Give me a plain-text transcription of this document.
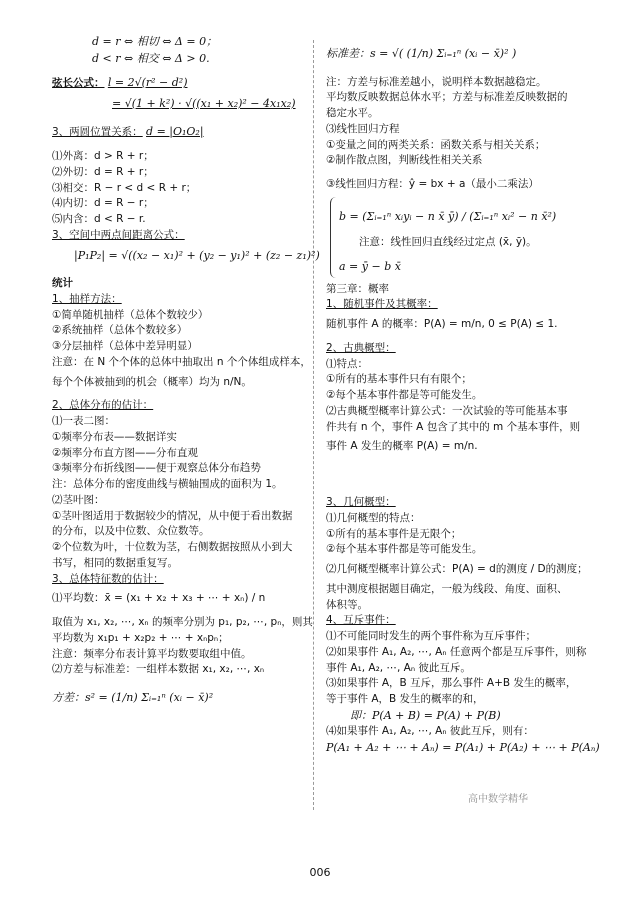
d = r ⇔ 相切 ⇔ Δ = 0；
d < r ⇔ 相交 ⇔ Δ > 0.
弦长公式： l = 2√(r² − d²)
= √(1 + k²) · √((x₁ + x₂)² − 4x₁x₂)
3、两圆位置关系： d = |O₁O₂|
⑴外离：d > R + r；
⑵外切：d = R + r；
⑶相交：R − r < d < R + r；
⑷内切：d = R − r；
⑸内含：d < R − r.
3、空间中两点间距离公式：
|P₁P₂| = √((x₂ − x₁)² + (y₂ − y₁)² + (z₂ − z₁)²)
统计
1、抽样方法：
①简单随机抽样（总体个数较少）
②系统抽样（总体个数较多）
③分层抽样（总体中差异明显）
注意：在 N 个个体的总体中抽取出 n 个个体组成样本，
每个个体被抽到的机会（概率）均为 n/N。
2、总体分布的估计：
⑴一表二图：
①频率分布表——数据详实
②频率分布直方图——分布直观
③频率分布折线图——便于观察总体分布趋势
注：总体分布的密度曲线与横轴围成的面积为 1。
⑵茎叶图：
①茎叶图适用于数据较少的情况，从中便于看出数据
的分布，以及中位数、众位数等。
②个位数为叶，十位数为茎，右侧数据按照从小到大
书写，相同的数据重复写。
3、总体特征数的估计：
⑴平均数：x̄ = (x₁ + x₂ + x₃ + ⋯ + xₙ) / n
取值为 x₁, x₂, ⋯, xₙ 的频率分别为 p₁, p₂, ⋯, pₙ，则其
平均数为 x₁p₁ + x₂p₂ + ⋯ + xₙpₙ；
注意：频率分布表计算平均数要取组中值。
⑵方差与标准差：一组样本数据 x₁, x₂, ⋯, xₙ
方差：s² = (1/n) Σᵢ₌₁ⁿ (xᵢ − x̄)²
标准差：s = √( (1/n) Σᵢ₌₁ⁿ (xᵢ − x̄)² )
注：方差与标准差越小，说明样本数据越稳定。
平均数反映数据总体水平；方差与标准差反映数据的
稳定水平。
⑶线性回归方程
①变量之间的两类关系：函数关系与相关关系；
②制作散点图，判断线性相关关系
③线性回归方程：ŷ = bx + a（最小二乘法）
b = (Σᵢ₌₁ⁿ xᵢyᵢ − n x̄ ȳ) / (Σᵢ₌₁ⁿ xᵢ² − n x̄²)
注意：线性回归直线经过定点 (x̄, ȳ)。
a = ȳ − b x̄
第三章：概率
1、随机事件及其概率：
随机事件 A 的概率：P(A) = m/n, 0 ≤ P(A) ≤ 1.
2、古典概型：
⑴特点：
①所有的基本事件只有有限个；
②每个基本事件都是等可能发生。
⑵古典概型概率计算公式：一次试验的等可能基本事
件共有 n 个，事件 A 包含了其中的 m 个基本事件，则
事件 A 发生的概率 P(A) = m/n.
3、几何概型：
⑴几何概型的特点：
①所有的基本事件是无限个；
②每个基本事件都是等可能发生。
⑵几何概型概率计算公式：P(A) = d的测度 / D的测度；
其中测度根据题目确定，一般为线段、角度、面积、
体积等。
4、互斥事件：
⑴不可能同时发生的两个事件称为互斥事件；
⑵如果事件 A₁, A₂, ⋯, Aₙ 任意两个都是互斥事件，则称
事件 A₁, A₂, ⋯, Aₙ 彼此互斥。
⑶如果事件 A，B 互斥，那么事件 A+B 发生的概率，
等于事件 A，B 发生的概率的和，
即：P(A + B) = P(A) + P(B)
⑷如果事件 A₁, A₂, ⋯, Aₙ 彼此互斥，则有：
P(A₁ + A₂ + ⋯ + Aₙ) = P(A₁) + P(A₂) + ⋯ + P(Aₙ)
高中数学精华
006
